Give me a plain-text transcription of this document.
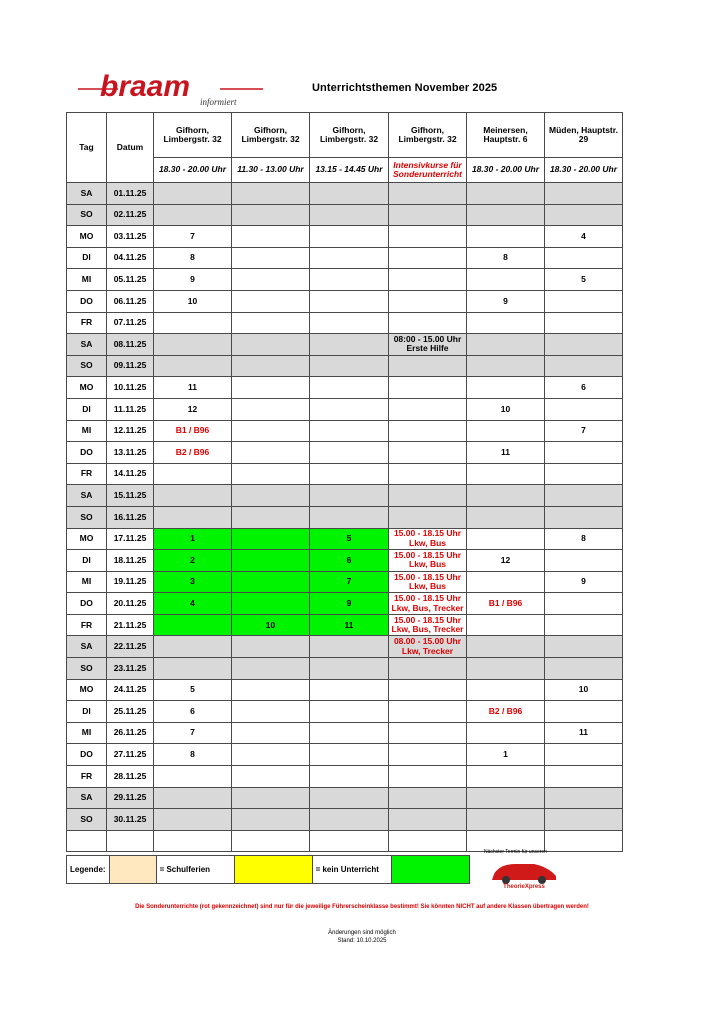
braam informiert
Unterrichtsthemen November 2025
Tag	Datum	Gifhorn, Limbergstr. 32	Gifhorn, Limbergstr. 32	Gifhorn, Limbergstr. 32	Gifhorn, Limbergstr. 32	Meinersen, Hauptstr. 6	Müden, Hauptstr. 29
		18.30 - 20.00 Uhr	11.30 - 13.00 Uhr	13.15 - 14.45 Uhr	Intensivkurse für Sonderunterricht	18.30 - 20.00 Uhr	18.30 - 20.00 Uhr
SA	01.11.25						
SO	02.11.25						
MO	03.11.25	7					4
DI	04.11.25	8				8	
MI	05.11.25	9					5
DO	06.11.25	10				9	
FR	07.11.25						
SA	08.11.25				08:00 - 15.00 Uhr Erste Hilfe		
SO	09.11.25						
MO	10.11.25	11					6
DI	11.11.25	12				10	
MI	12.11.25	B1 / B96					7
DO	13.11.25	B2 / B96				11	
FR	14.11.25						
SA	15.11.25						
SO	16.11.25						
MO	17.11.25	1		5	15.00 - 18.15 Uhr Lkw, Bus		8
DI	18.11.25	2		6	15.00 - 18.15 Uhr Lkw, Bus	12	
MI	19.11.25	3		7	15.00 - 18.15 Uhr Lkw, Bus		9
DO	20.11.25	4		9	15.00 - 18.15 Uhr Lkw, Bus, Trecker	B1 / B96	
FR	21.11.25		10	11	15.00 - 18.15 Uhr Lkw, Bus, Trecker		
SA	22.11.25				08.00 - 15.00 Uhr Lkw, Trecker		
SO	23.11.25						
MO	24.11.25	5					10
DI	25.11.25	6				B2 / B96	
MI	26.11.25	7					11
DO	27.11.25	8				1	
FR	28.11.25						
SA	29.11.25						
SO	30.11.25						

Legende:		= Schulferien		= kein Unterricht	
Nächster Termin für unseren
TheorieXpress
Die Sonderunterrichte (rot gekennzeichnet) sind nur für die jeweilige Führerscheinklasse bestimmt! Sie könnten NICHT auf andere Klassen übertragen werden!
Änderungen sind möglich
Stand: 10.10.2025
